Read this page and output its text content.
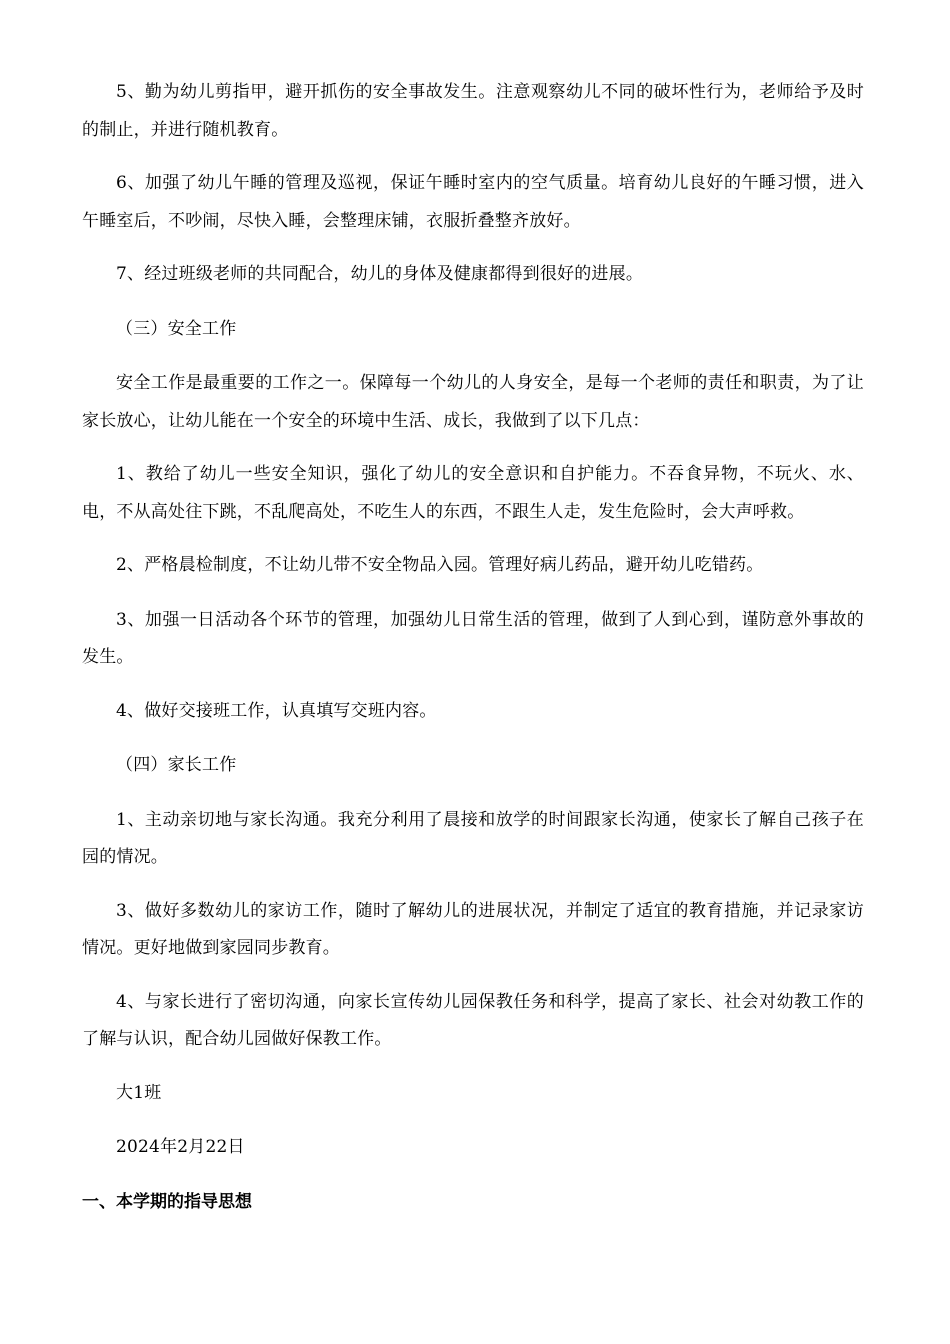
5、勤为幼儿剪指甲，避开抓伤的安全事故发生。注意观察幼儿不同的破坏性行为，老师给予及时的制止，并进行随机教育。

6、加强了幼儿午睡的管理及巡视，保证午睡时室内的空气质量。培育幼儿良好的午睡习惯，进入午睡室后，不吵闹，尽快入睡，会整理床铺，衣服折叠整齐放好。

7、经过班级老师的共同配合，幼儿的身体及健康都得到很好的进展。

（三）安全工作

安全工作是最重要的工作之一。保障每一个幼儿的人身安全，是每一个老师的责任和职责，为了让家长放心，让幼儿能在一个安全的环境中生活、成长，我做到了以下几点：

1、教给了幼儿一些安全知识，强化了幼儿的安全意识和自护能力。不吞食异物，不玩火、水、电，不从高处往下跳，不乱爬高处，不吃生人的东西，不跟生人走，发生危险时，会大声呼救。

2、严格晨检制度，不让幼儿带不安全物品入园。管理好病儿药品，避开幼儿吃错药。

3、加强一日活动各个环节的管理，加强幼儿日常生活的管理，做到了人到心到，谨防意外事故的发生。

4、做好交接班工作，认真填写交班内容。

（四）家长工作

1、主动亲切地与家长沟通。我充分利用了晨接和放学的时间跟家长沟通，使家长了解自己孩子在园的情况。

3、做好多数幼儿的家访工作，随时了解幼儿的进展状况，并制定了适宜的教育措施，并记录家访情况。更好地做到家园同步教育。

4、与家长进行了密切沟通，向家长宣传幼儿园保教任务和科学，提高了家长、社会对幼教工作的了解与认识，配合幼儿园做好保教工作。

大1班

2024年2月22日

一、本学期的指导思想
